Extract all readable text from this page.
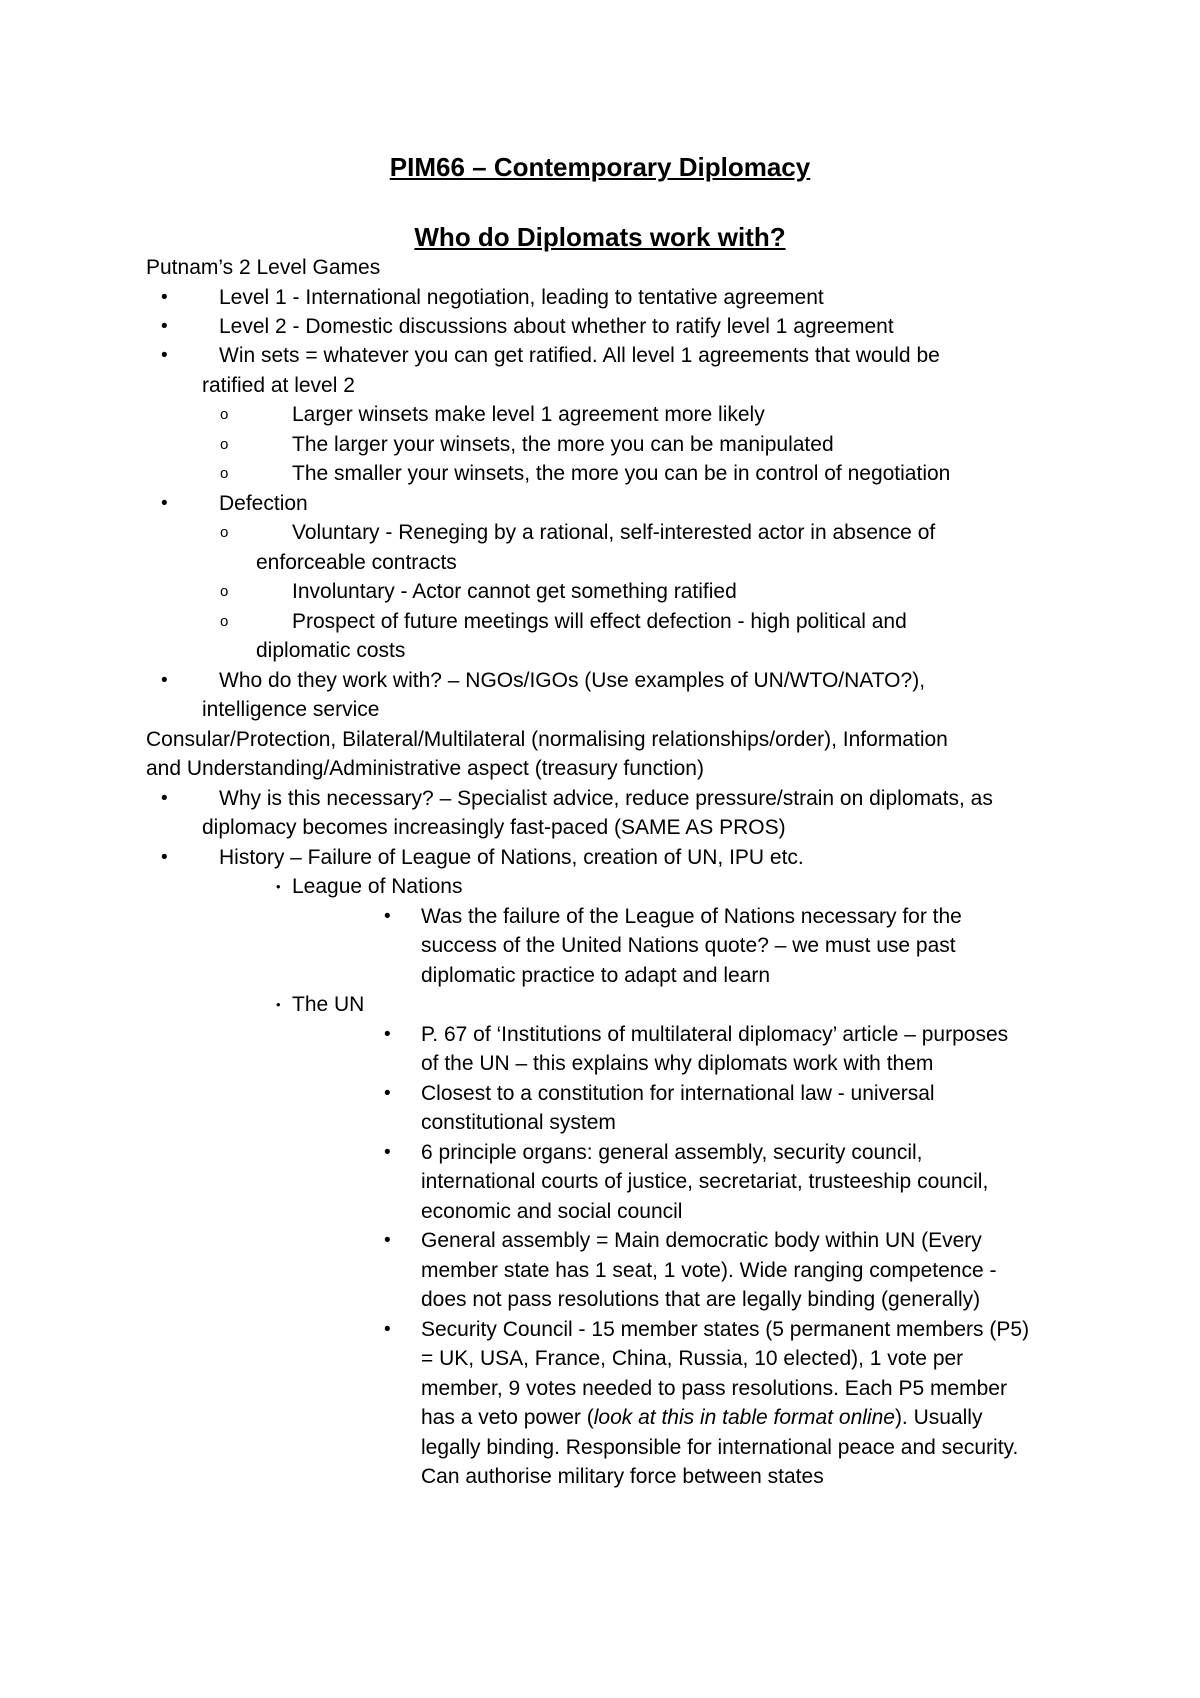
PIM66 – Contemporary Diplomacy
Who do Diplomats work with?
Putnam’s 2 Level Games
• Level 1 - International negotiation, leading to tentative agreement
• Level 2 - Domestic discussions about whether to ratify level 1 agreement
• Win sets = whatever you can get ratified. All level 1 agreements that would be
ratified at level 2
o	Larger winsets make level 1 agreement more likely
o	The larger your winsets, the more you can be manipulated
o	The smaller your winsets, the more you can be in control of negotiation
• Defection
o	Voluntary - Reneging by a rational, self-interested actor in absence of
enforceable contracts
o	Involuntary - Actor cannot get something ratified
o	Prospect of future meetings will effect defection - high political and
diplomatic costs
• Who do they work with? – NGOs/IGOs (Use examples of UN/WTO/NATO?),
intelligence service
Consular/Protection, Bilateral/Multilateral (normalising relationships/order), Information
and Understanding/Administrative aspect (treasury function)
• Why is this necessary? – Specialist advice, reduce pressure/strain on diplomats, as
diplomacy becomes increasingly fast-paced (SAME AS PROS)
• History – Failure of League of Nations, creation of UN, IPU etc.
• League of Nations
• Was the failure of the League of Nations necessary for the
success of the United Nations quote? – we must use past
diplomatic practice to adapt and learn
• The UN
• P. 67 of ‘Institutions of multilateral diplomacy’ article – purposes
of the UN – this explains why diplomats work with them
• Closest to a constitution for international law - universal
constitutional system
• 6 principle organs: general assembly, security council,
international courts of justice, secretariat, trusteeship council,
economic and social council
• General assembly = Main democratic body within UN (Every
member state has 1 seat, 1 vote). Wide ranging competence -
does not pass resolutions that are legally binding (generally)
• Security Council - 15 member states (5 permanent members (P5)
= UK, USA, France, China, Russia, 10 elected), 1 vote per
member, 9 votes needed to pass resolutions. Each P5 member
has a veto power (look at this in table format online). Usually
legally binding. Responsible for international peace and security.
Can authorise military force between states
